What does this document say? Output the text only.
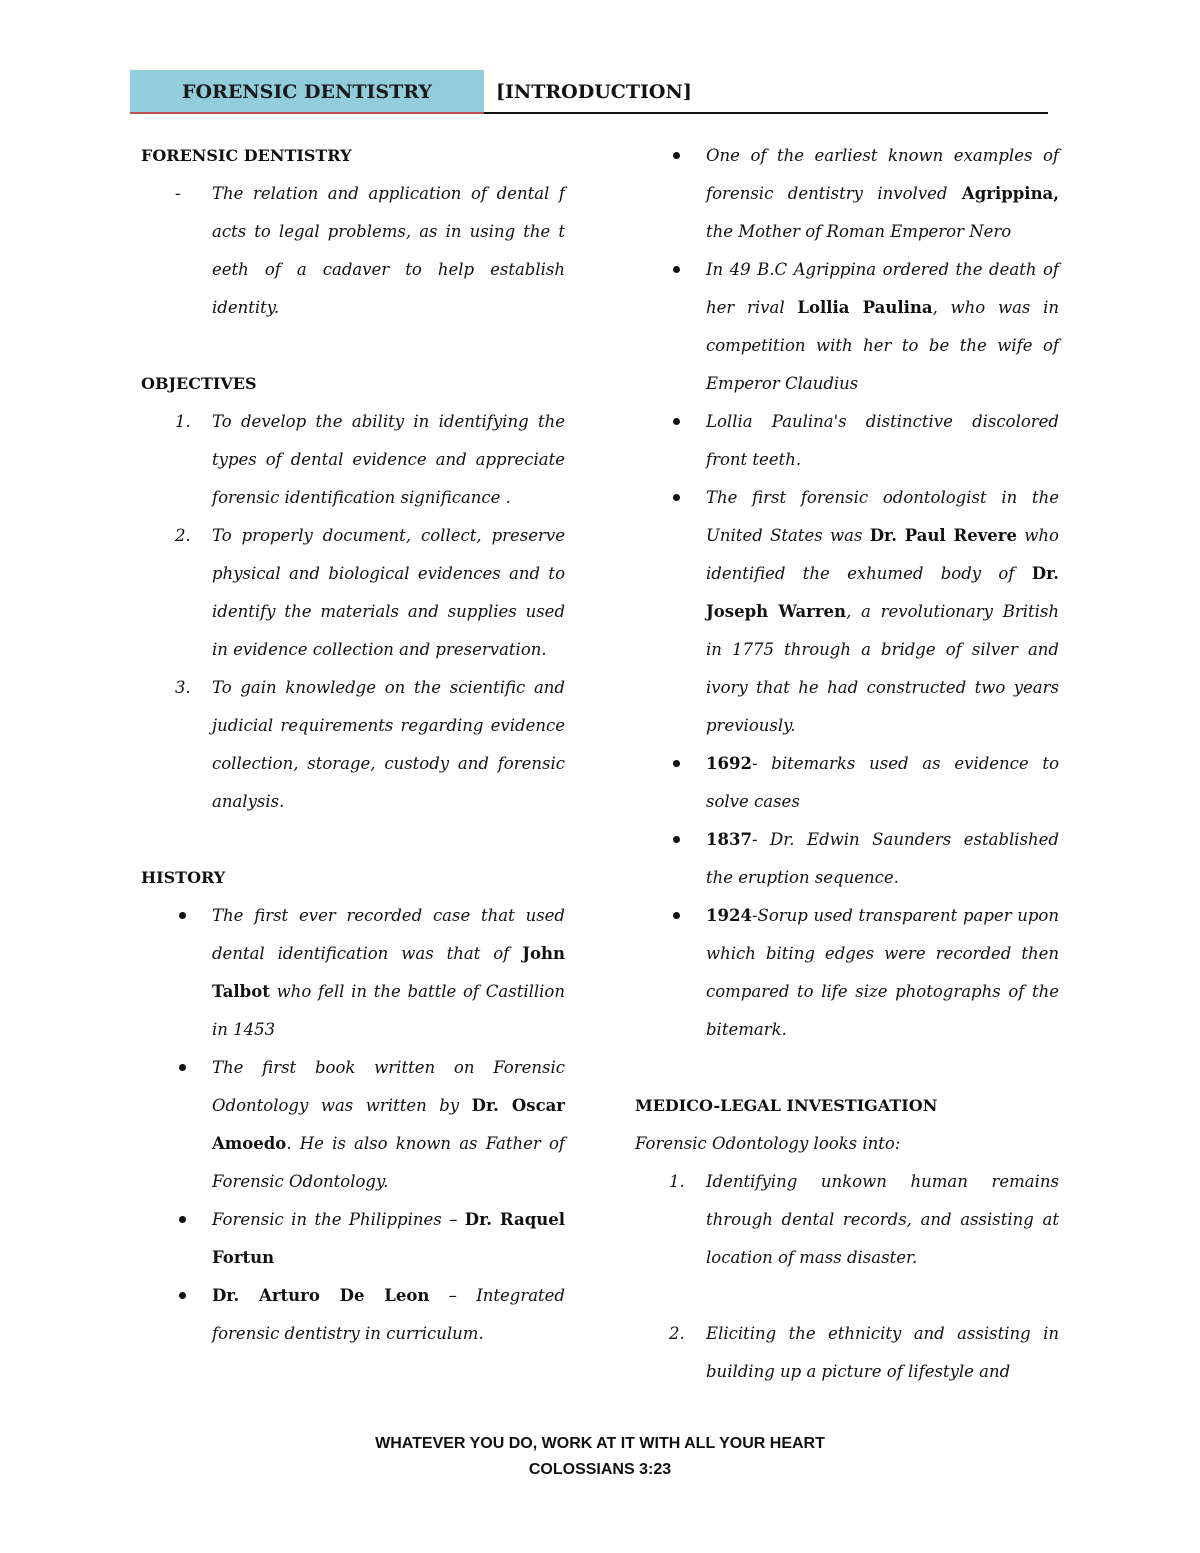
FORENSIC DENTISTRY	[INTRODUCTION]
FORENSIC DENTISTRY
- The relation and application of dental f acts to legal problems, as in using the t eeth of a cadaver to help establish identity.
OBJECTIVES
1. To develop the ability in identifying the types of dental evidence and appreciate forensic identification significance .
2. To properly document, collect, preserve physical and biological evidences and to identify the materials and supplies used in evidence collection and preservation.
3. To gain knowledge on the scientific and judicial requirements regarding evidence collection, storage, custody and forensic analysis.
HISTORY
The first ever recorded case that used dental identification was that of John Talbot who fell in the battle of Castillion in 1453
The first book written on Forensic Odontology was written by Dr. Oscar Amoedo. He is also known as Father of Forensic Odontology.
Forensic in the Philippines – Dr. Raquel Fortun
Dr. Arturo De Leon – Integrated forensic dentistry in curriculum.
One of the earliest known examples of forensic dentistry involved Agrippina, the Mother of Roman Emperor Nero
In 49 B.C Agrippina ordered the death of her rival Lollia Paulina, who was in competition with her to be the wife of Emperor Claudius
Lollia Paulina's distinctive discolored front teeth.
The first forensic odontologist in the United States was Dr. Paul Revere who identified the exhumed body of Dr. Joseph Warren, a revolutionary British in 1775 through a bridge of silver and ivory that he had constructed two years previously.
1692- bitemarks used as evidence to solve cases
1837- Dr. Edwin Saunders established the eruption sequence.
1924-Sorup used transparent paper upon which biting edges were recorded then compared to life size photographs of the bitemark.
MEDICO-LEGAL INVESTIGATION
Forensic Odontology looks into:
1. Identifying unkown human remains through dental records, and assisting at location of mass disaster.
2. Eliciting the ethnicity and assisting in building up a picture of lifestyle and
WHATEVER YOU DO, WORK AT IT WITH ALL YOUR HEART
COLOSSIANS 3:23
